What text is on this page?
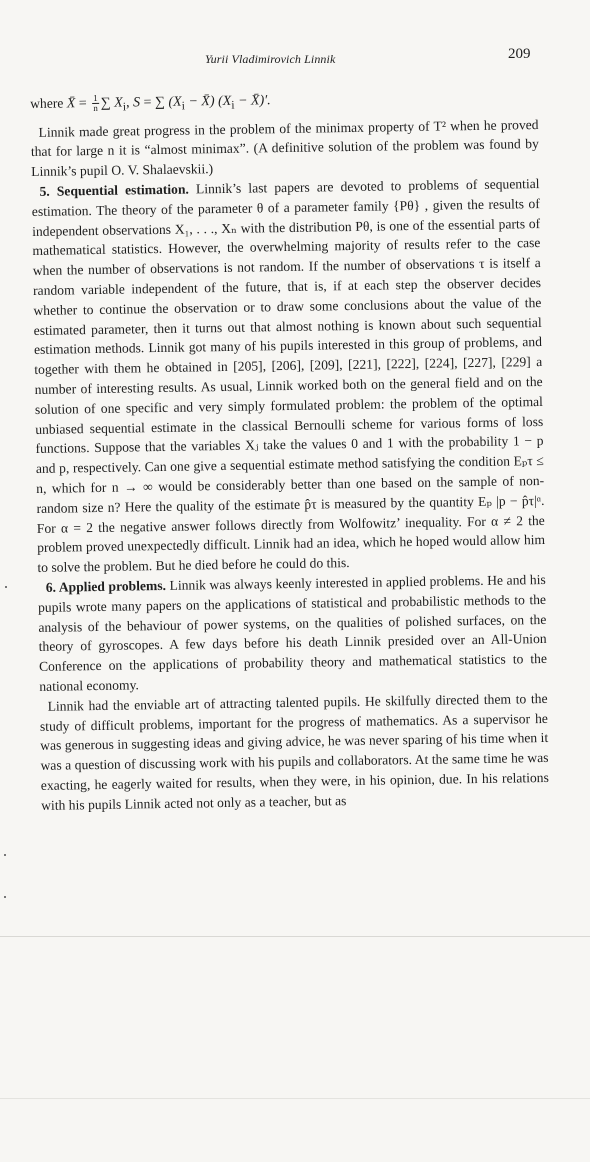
Yurii Vladimirovich Linnik	209
where X̄ = $\frac{1}{n}$ ∑ $X_i$, S = ∑ ($X_i$ − X̄) ($X_i$ − X̄)′.

Linnik made great progress in the problem of the minimax property of T² when he proved that for large n it is “almost minimax”. (A definitive solution of the problem was found by Linnik’s pupil O. V. Shalaevskii.)

5. Sequential estimation. Linnik’s last papers are devoted to problems of sequential estimation. The theory of the parameter θ of a parameter family {Pθ} , given the results of independent observations X₁, . . ., Xₙ with the distribution Pθ, is one of the essential parts of mathematical statistics. However, the overwhelming majority of results refer to the case when the number of observations is not random. If the number of observations τ is itself a random variable independent of the future, that is, if at each step the observer decides whether to continue the observation or to draw some conclusions about the value of the estimated parameter, then it turns out that almost nothing is known about such sequential estimation methods. Linnik got many of his pupils interested in this group of problems, and together with them he obtained in [205], [206], [209], [221], [222], [224], [227], [229] a number of interesting results. As usual, Linnik worked both on the general field and on the solution of one specific and very simply formulated problem: the problem of the optimal unbiased sequential estimate in the classical Bernoulli scheme for various forms of loss functions. Suppose that the variables Xⱼ take the values 0 and 1 with the probability 1 − p and p, respectively. Can one give a sequential estimate method satisfying the condition Eₚτ ≤ n, which for n → ∞ would be considerably better than one based on the sample of non-random size n? Here the quality of the estimate p̂τ is measured by the quantity Eₚ |p − p̂τ|ᵅ. For α = 2 the negative answer follows directly from Wolfowitz’ inequality. For α ≠ 2 the problem proved unexpectedly difficult. Linnik had an idea, which he hoped would allow him to solve the problem. But he died before he could do this.

6. Applied problems. Linnik was always keenly interested in applied problems. He and his pupils wrote many papers on the applications of statistical and probabilistic methods to the analysis of the behaviour of power systems, on the qualities of polished surfaces, on the theory of gyroscopes. A few days before his death Linnik presided over an All-Union Conference on the applications of probability theory and mathematical statistics to the national economy.

Linnik had the enviable art of attracting talented pupils. He skilfully directed them to the study of difficult problems, important for the progress of mathematics. As a supervisor he was generous in suggesting ideas and giving advice, he was never sparing of his time when it was a question of discussing work with his pupils and collaborators. At the same time he was exacting, he eagerly waited for results, when they were, in his opinion, due. In his relations with his pupils Linnik acted not only as a teacher, but as
